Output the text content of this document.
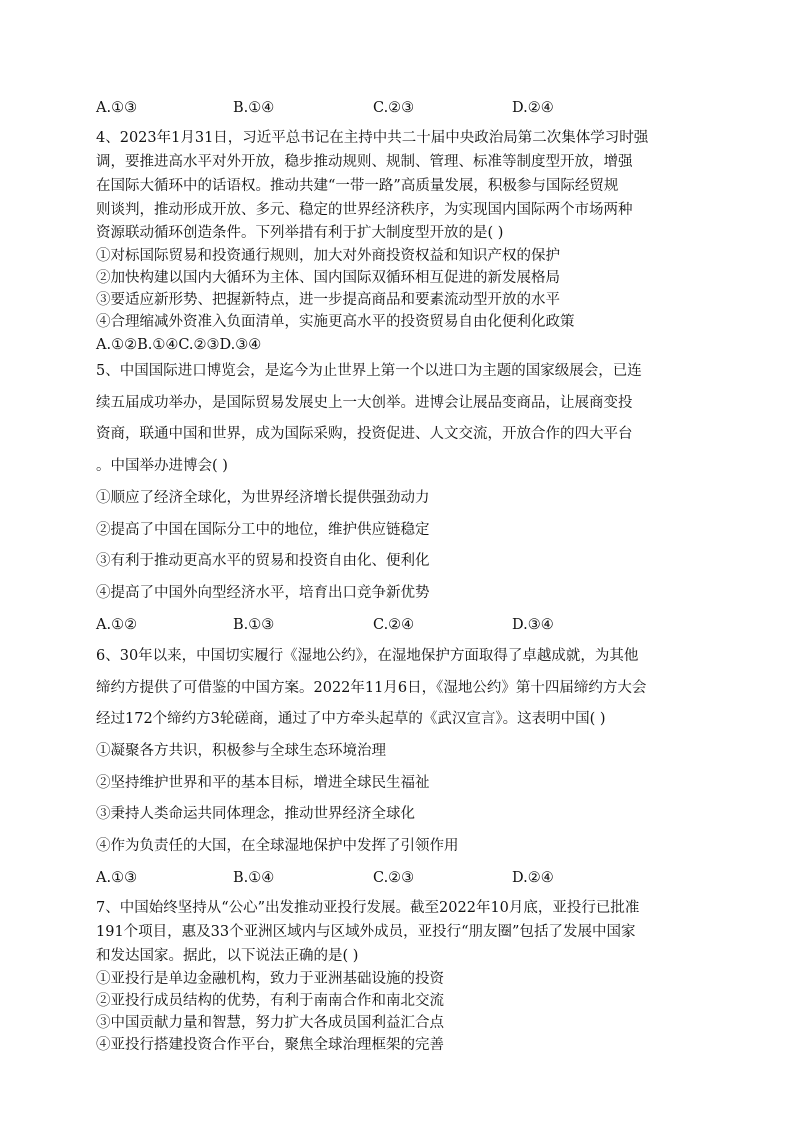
A.①③	B.①④	C.②③	D.②④
4、2023年1月31日，习近平总书记在主持中共二十届中央政治局第二次集体学习时强
调，要推进高水平对外开放，稳步推动规则、规制、管理、标准等制度型开放，增强
在国际大循环中的话语权。推动共建“一带一路”高质量发展，积极参与国际经贸规
则谈判，推动形成开放、多元、稳定的世界经济秩序，为实现国内国际两个市场两种
资源联动循环创造条件。下列举措有利于扩大制度型开放的是( )
①对标国际贸易和投资通行规则，加大对外商投资权益和知识产权的保护
②加快构建以国内大循环为主体、国内国际双循环相互促进的新发展格局
③要适应新形势、把握新特点，进一步提高商品和要素流动型开放的水平
④合理缩减外资准入负面清单，实施更高水平的投资贸易自由化便利化政策
A.①②B.①④C.②③D.③④
5、中国国际进口博览会，是迄今为止世界上第一个以进口为主题的国家级展会，已连
续五届成功举办，是国际贸易发展史上一大创举。进博会让展品变商品，让展商变投
资商，联通中国和世界，成为国际采购，投资促进、人文交流，开放合作的四大平台
。中国举办进博会( )
①顺应了经济全球化，为世界经济增长提供强劲动力
②提高了中国在国际分工中的地位，维护供应链稳定
③有利于推动更高水平的贸易和投资自由化、便利化
④提高了中国外向型经济水平，培育出口竞争新优势
A.①②	B.①③	C.②④	D.③④
6、30年以来，中国切实履行《湿地公约》，在湿地保护方面取得了卓越成就，为其他
缔约方提供了可借鉴的中国方案。2022年11月6日，《湿地公约》第十四届缔约方大会
经过172个缔约方3轮磋商，通过了中方牵头起草的《武汉宣言》。这表明中国( )
①凝聚各方共识，积极参与全球生态环境治理
②坚持维护世界和平的基本目标，增进全球民生福祉
③秉持人类命运共同体理念，推动世界经济全球化
④作为负责任的大国，在全球湿地保护中发挥了引领作用
A.①③	B.①④	C.②③	D.②④
7、中国始终坚持从“公心”出发推动亚投行发展。截至2022年10月底，亚投行已批准
191个项目，惠及33个亚洲区域内与区域外成员，亚投行“朋友圈”包括了发展中国家
和发达国家。据此，以下说法正确的是( )
①亚投行是单边金融机构，致力于亚洲基础设施的投资
②亚投行成员结构的优势，有利于南南合作和南北交流
③中国贡献力量和智慧，努力扩大各成员国利益汇合点
④亚投行搭建投资合作平台，聚焦全球治理框架的完善
